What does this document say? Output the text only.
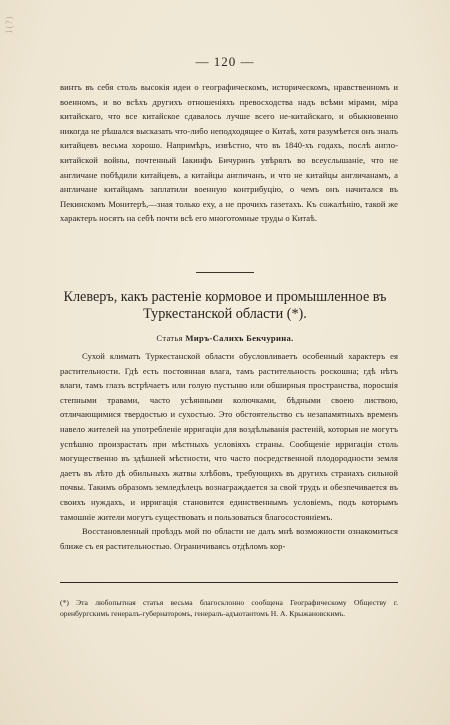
1(?)
— 120 —

винтъ въ себя столь высокія идеи о географическомъ, историческомъ, нравственномъ и военномъ, и во всѣхъ другихъ отношеніяхъ превосходства надъ всѣми мірами, міра китайскаго, что все китайское сдавалось лучше всего не-китайскаго, и обыкновенно никогда не рѣшался высказать что-либо неподходящее о Китаѣ, хотя разумѣется онъ зналъ китайцевъ весьма хорошо. Напримѣръ, извѣстно, что въ 1840-хъ годахъ, послѣ англо-китайской войны, почтенный Іакинфъ Бичуринъ увѣрялъ во всеуслышаніе, что не англичане побѣдили китайцевъ, а китайцы англичанъ, и что не китайцы англичанамъ, а англичане китайцамъ заплатили военную контрибуцію, о чемъ онъ начитался въ Пекинскомъ Монитерѣ,—зная только еху, а не прочихъ газетахъ. Къ сожалѣнію, такой же характеръ носятъ на себѣ почти всѣ его многотомные труды о Китаѣ.

Клеверъ, какъ растеніе кормовое и промышленное въ Туркестанской области (*).
Статья Миръ-Салихъ Бекчурина.

Сухой климатъ Туркестанской области обусловливаетъ особенный характеръ ея растительности. Гдѣ есть постоянная влага, тамъ растительность роскошна; гдѣ нѣтъ влаги, тамъ глазъ встрѣчаетъ или голую пустыню или обширныя пространства, поросшія степными травами, часто усѣянными колючками, бѣдными своею листвою, отличающимися твердостью и сухостью. Это обстоятельство съ незапамятныхъ временъ навело жителей на употребленіе ирригаціи для воздѣлыванія растеній, которыя не могутъ успѣшно произрастать при мѣстныхъ условіяхъ страны. Сообщеніе ирригаціи столь могущественно въ здѣшней мѣстности, что часто посредственной плодородности земля даетъ въ лѣто дѣ обильныхъ жатвы хлѣбовъ, требующихъ въ другихъ странахъ сильной почвы. Такимъ образомъ земледѣлецъ вознаграждается за свой трудъ и обезпечивается въ своихъ нуждахъ, и ирригація становится единственнымъ условіемъ, подъ которымъ тамошніе жители могутъ существовать и пользоваться благосостояніемъ.

Восстановленный проѣздъ мой по области не далъ мнѣ возможности ознакомиться ближе съ ея растительностью. Ограничиваясь отдѣломъ кор-

(*) Эта любопытная статья весьма благосклонно сообщена Географическому Обществу г. оренбургскимъ генералъ-губернаторомъ, генералъ-адъютантомъ Н. А. Крыжановскимъ.
